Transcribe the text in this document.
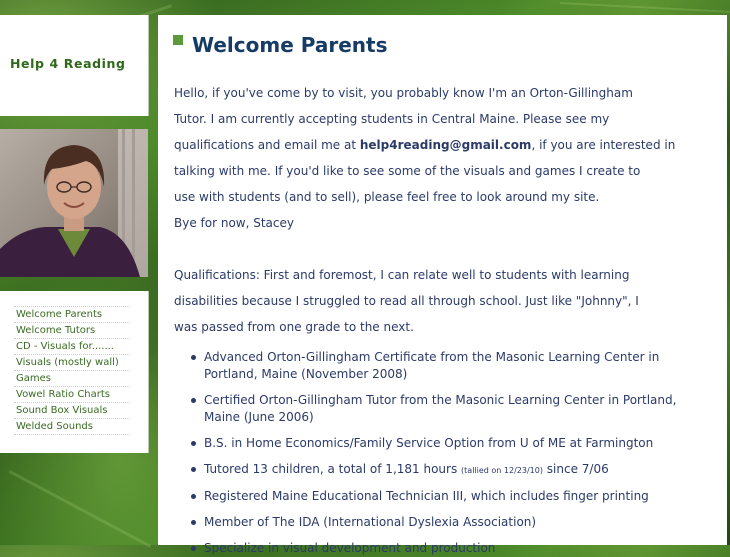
Help 4 Reading
Welcome Parents
Welcome Tutors
CD - Visuals for.......
Visuals (mostly wall)
Games
Vowel Ratio Charts
Sound Box Visuals
Welded Sounds
Welcome Parents

Hello, if you've come by to visit, you probably know I'm an Orton-Gillingham

Tutor. I am currently accepting students in Central Maine. Please see my

qualifications and email me at help4reading@gmail.com, if you are interested in

talking with me. If you'd like to see some of the visuals and games I create to

use with students (and to sell), please feel free to look around my site.

Bye for now, Stacey

Qualifications: First and foremost, I can relate well to students with learning

disabilities because I struggled to read all through school. Just like "Johnny", I

was passed from one grade to the next.

Advanced Orton-Gillingham Certificate from the Masonic Learning Center in Portland, Maine (November 2008)
Certified Orton-Gillingham Tutor from the Masonic Learning Center in Portland, Maine (June 2006)
B.S. in Home Economics/Family Service Option from U of ME at Farmington
Tutored 13 children, a total of 1,181 hours (tallied on 12/23/10) since 7/06
Registered Maine Educational Technician III, which includes finger printing
Member of The IDA (International Dyslexia Association)
Specialize in visual development and production
